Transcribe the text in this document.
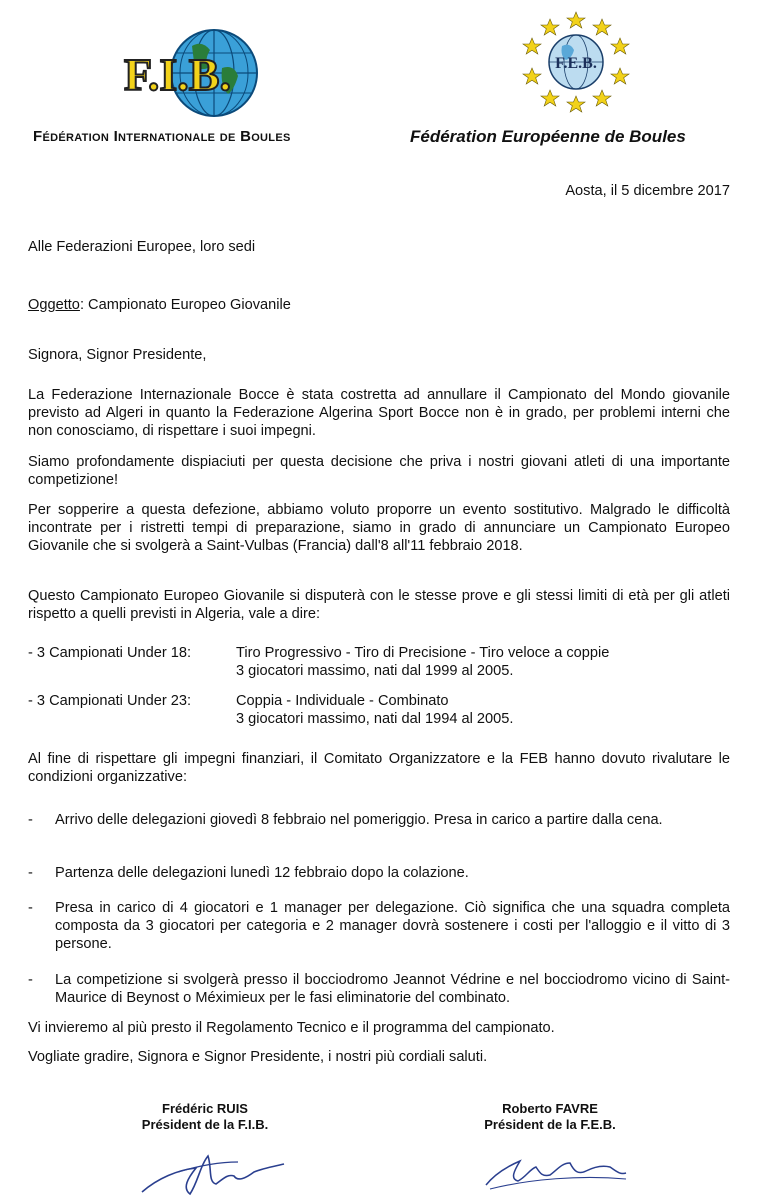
F.I.B.	F.E.B.
Fédération Internationale de Boules	Fédération Européenne de Boules
Aosta, il 5 dicembre 2017
Alle Federazioni Europee, loro sedi
Oggetto: Campionato Europeo Giovanile
Signora, Signor Presidente,
La Federazione Internazionale Bocce è stata costretta ad annullare il Campionato del Mondo giovanile previsto ad Algeri in quanto la Federazione Algerina Sport Bocce non è in grado, per problemi interni che non conosciamo, di rispettare i suoi impegni.
Siamo profondamente dispiaciuti per questa decisione che priva i nostri giovani atleti di una importante competizione!
Per sopperire a questa defezione, abbiamo voluto proporre un evento sostitutivo. Malgrado le difficoltà incontrate per i ristretti tempi di preparazione, siamo in grado di annunciare un Campionato Europeo Giovanile che si svolgerà a Saint-Vulbas (Francia) dall'8 all'11 febbraio 2018.
Questo Campionato Europeo Giovanile si disputerà con le stesse prove e gli stessi limiti di età per gli atleti rispetto a quelli previsti in Algeria, vale a dire:
- 3 Campionati Under 18:	Tiro Progressivo - Tiro di Precisione - Tiro veloce a coppie
3 giocatori massimo, nati dal 1999 al 2005.
- 3 Campionati Under 23:	Coppia - Individuale - Combinato
3 giocatori massimo, nati dal 1994 al 2005.
Al fine di rispettare gli impegni finanziari, il Comitato Organizzatore e la FEB hanno dovuto rivalutare le condizioni organizzative:
- Arrivo delle delegazioni giovedì 8 febbraio nel pomeriggio. Presa in carico a partire dalla cena.
- Partenza delle delegazioni lunedì 12 febbraio dopo la colazione.
- Presa in carico di 4 giocatori e 1 manager per delegazione. Ciò significa che una squadra completa composta da 3 giocatori per categoria e 2 manager dovrà sostenere i costi per l'alloggio e il vitto di 3 persone.
- La competizione si svolgerà presso il bocciodromo Jeannot Védrine e nel bocciodromo vicino di Saint-Maurice di Beynost o Méximieux per le fasi eliminatorie del combinato.
Vi invieremo al più presto il Regolamento Tecnico e il programma del campionato.
Vogliate gradire, Signora e Signor Presidente, i nostri più cordiali saluti.
Frédéric RUIS
Président de la F.I.B.
Roberto FAVRE
Président de la F.E.B.
